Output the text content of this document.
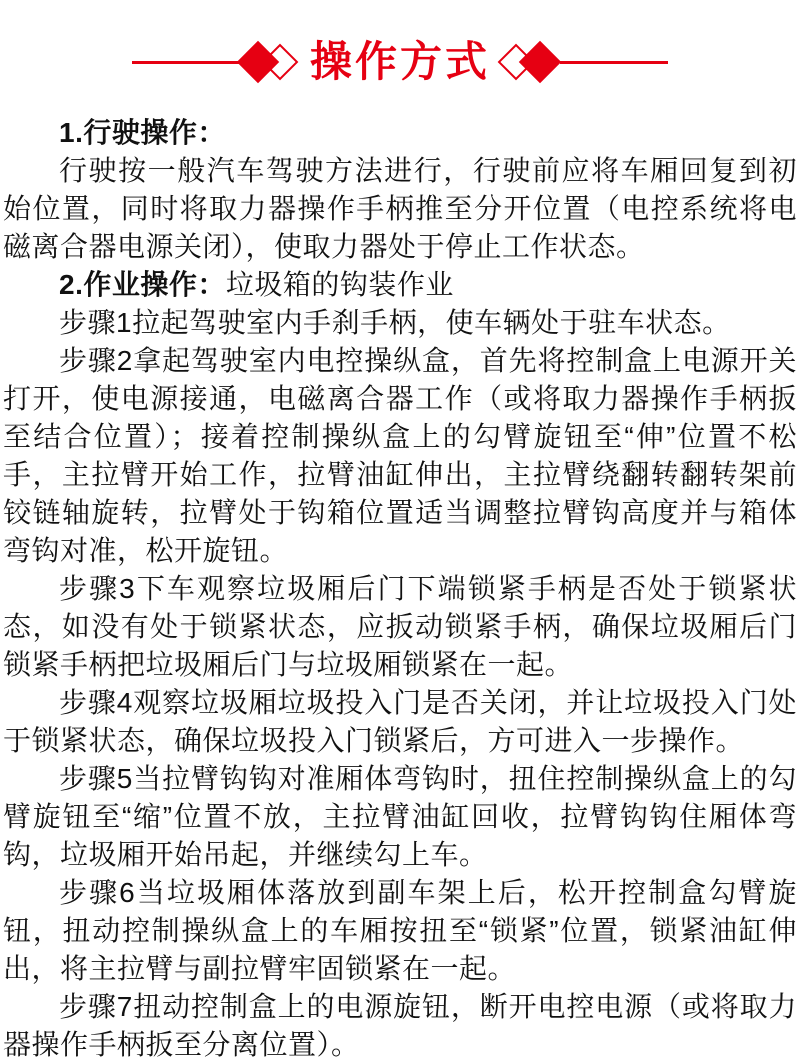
操作方式

1.行驶操作：

行驶按一般汽车驾驶方法进行，行驶前应将车厢回复到初始位置，同时将取力器操作手柄推至分开位置（电控系统将电磁离合器电源关闭），使取力器处于停止工作状态。

2.作业操作：垃圾箱的钩装作业

步骤1拉起驾驶室内手刹手柄，使车辆处于驻车状态。

步骤2拿起驾驶室内电控操纵盒，首先将控制盒上电源开关打开，使电源接通，电磁离合器工作（或将取力器操作手柄扳至结合位置）；接着控制操纵盒上的勾臂旋钮至“伸”位置不松手，主拉臂开始工作，拉臂油缸伸出，主拉臂绕翻转翻转架前铰链轴旋转，拉臂处于钩箱位置适当调整拉臂钩高度并与箱体弯钩对准，松开旋钮。

步骤3下车观察垃圾厢后门下端锁紧手柄是否处于锁紧状态，如没有处于锁紧状态，应扳动锁紧手柄，确保垃圾厢后门锁紧手柄把垃圾厢后门与垃圾厢锁紧在一起。

步骤4观察垃圾厢垃圾投入门是否关闭，并让垃圾投入门处于锁紧状态，确保垃圾投入门锁紧后，方可进入一步操作。

步骤5当拉臂钩钩对准厢体弯钩时，扭住控制操纵盒上的勾臂旋钮至“缩”位置不放，主拉臂油缸回收，拉臂钩钩住厢体弯钩，垃圾厢开始吊起，并继续勾上车。

步骤6当垃圾厢体落放到副车架上后，松开控制盒勾臂旋钮，扭动控制操纵盒上的车厢按扭至“锁紧”位置，锁紧油缸伸出，将主拉臂与副拉臂牢固锁紧在一起。

步骤7扭动控制盒上的电源旋钮，断开电控电源（或将取力器操作手柄扳至分离位置）。
